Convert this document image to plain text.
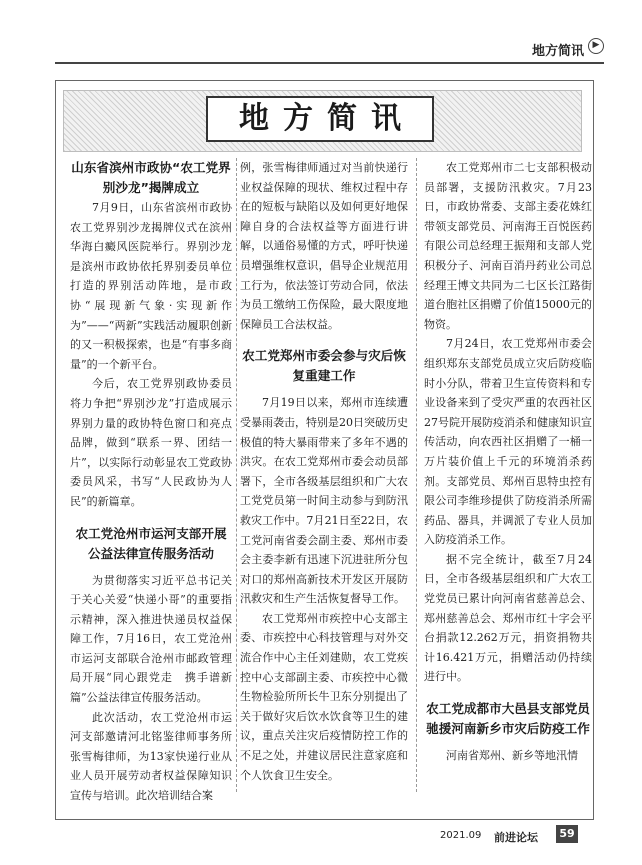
地方简讯 ▶
地方简讯
山东省滨州市政协“农工党界别沙龙”揭牌成立

7月9日，山东省滨州市政协农工党界别沙龙揭牌仪式在滨州华海白癜风医院举行。界别沙龙是滨州市政协依托界别委员单位打造的界别活动阵地，是市政协“展现新气象·实现新作为”——“两新”实践活动履职创新的又一积极探索，也是“有事多商量”的一个新平台。

今后，农工党界别政协委员将力争把“界别沙龙”打造成展示界别力量的政协特色窗口和亮点品牌，做到“联系一界、团结一片”，以实际行动彰显农工党政协委员风采，书写“人民政协为人民”的新篇章。

农工党沧州市运河支部开展公益法律宣传服务活动

为贯彻落实习近平总书记关于关心关爱“快递小哥”的重要指示精神，深入推进快递员权益保障工作，7月16日，农工党沧州市运河支部联合沧州市邮政管理局开展“同心跟党走　携手谱新篇”公益法律宣传服务活动。

此次活动，农工党沧州市运河支部邀请河北铭鉴律师事务所张雪梅律师，为13家快递行业从业人员开展劳动者权益保障知识宣传与培训。此次培训结合案

例，张雪梅律师通过对当前快递行业权益保障的现状、维权过程中存在的短板与缺陷以及如何更好地保障自身的合法权益等方面进行讲解，以通俗易懂的方式，呼吁快递员增强维权意识，倡导企业规范用工行为，依法签订劳动合同，依法为员工缴纳工伤保险，最大限度地保障员工合法权益。

农工党郑州市委会参与灾后恢复重建工作

7月19日以来，郑州市连续遭受暴雨袭击，特别是20日突破历史极值的特大暴雨带来了多年不遇的洪灾。在农工党郑州市委会动员部署下，全市各级基层组织和广大农工党党员第一时间主动参与到防汛救灾工作中。7月21日至22日，农工党河南省委会副主委、郑州市委会主委李新有迅速下沉进驻所分包对口的郑州高新技术开发区开展防汛救灾和生产生活恢复督导工作。

农工党郑州市疾控中心支部主委、市疾控中心科技管理与对外交流合作中心主任刘建勋，农工党疾控中心支部副主委、市疾控中心微生物检验所所长牛卫东分别提出了关于做好灾后饮水饮食等卫生的建议，重点关注灾后疫情防控工作的不足之处，并建议居民注意家庭和个人饮食卫生安全。

农工党郑州市二七支部积极动员部署，支援防汛救灾。7月23日，市政协常委、支部主委花姝红带领支部党员、河南海王百悦医药有限公司总经理王振翔和支部人党积极分子、河南百消丹药业公司总经理王博文共同为二七区长江路街道台胞社区捐赠了价值15000元的物资。

7月24日，农工党郑州市委会组织郑东支部党员成立灾后防疫临时小分队，带着卫生宣传资料和专业设备来到了受灾严重的农西社区27号院开展防疫消杀和健康知识宣传活动，向农西社区捐赠了一桶一万片装价值上千元的环境消杀药剂。支部党员、郑州百思特虫控有限公司李维珍提供了防疫消杀所需药品、器具，并调派了专业人员加入防疫消杀工作。

据不完全统计，截至7月24日，全市各级基层组织和广大农工党党员已累计向河南省慈善总会、郑州慈善总会、郑州市红十字会平台捐款12.262万元，捐资捐物共计16.421万元，捐赠活动仍持续进行中。

农工党成都市大邑县支部党员驰援河南新乡市灾后防疫工作

河南省郑州、新乡等地汛情

2021.09 前进论坛	59
